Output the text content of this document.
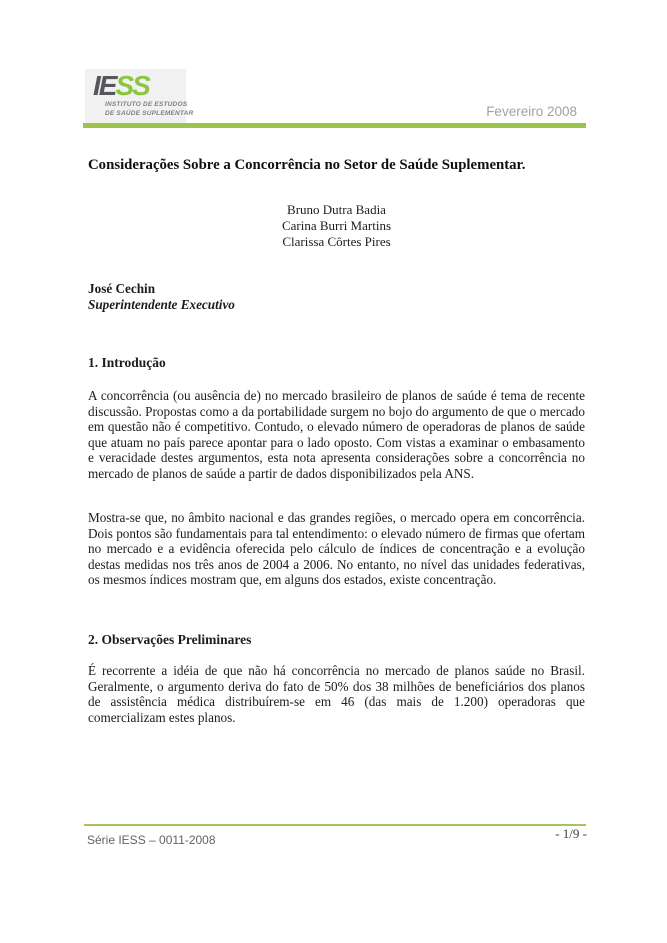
IESS
INSTITUTO DE ESTUDOS
DE SAÚDE SUPLEMENTAR	Fevereiro 2008
Considerações Sobre a Concorrência no Setor de Saúde Suplementar.
Bruno Dutra Badia
Carina Burri Martins
Clarissa Côrtes Pires
José Cechin
Superintendente Executivo
1. Introdução
A concorrência (ou ausência de) no mercado brasileiro de planos de saúde é tema de recente discussão. Propostas como a da portabilidade surgem no bojo do argumento de que o mercado em questão não é competitivo. Contudo, o elevado número de operadoras de planos de saúde que atuam no país parece apontar para o lado oposto. Com vistas a examinar o embasamento e veracidade destes argumentos, esta nota apresenta considerações sobre a concorrência no mercado de planos de saúde a partir de dados disponibilizados pela ANS.
Mostra-se que, no âmbito nacional e das grandes regiões, o mercado opera em concorrência. Dois pontos são fundamentais para tal entendimento: o elevado número de firmas que ofertam no mercado e a evidência oferecida pelo cálculo de índices de concentração e a evolução destas medidas nos três anos de 2004 a 2006. No entanto, no nível das unidades federativas, os mesmos índices mostram que, em alguns dos estados, existe concentração.
2. Observações Preliminares
É recorrente a idéia de que não há concorrência no mercado de planos saúde no Brasil. Geralmente, o argumento deriva do fato de 50% dos 38 milhões de beneficiários dos planos de assistência médica distribuírem-se em 46 (das mais de 1.200) operadoras que comercializam estes planos.
Série IESS – 0011-2008	- 1/9 -
